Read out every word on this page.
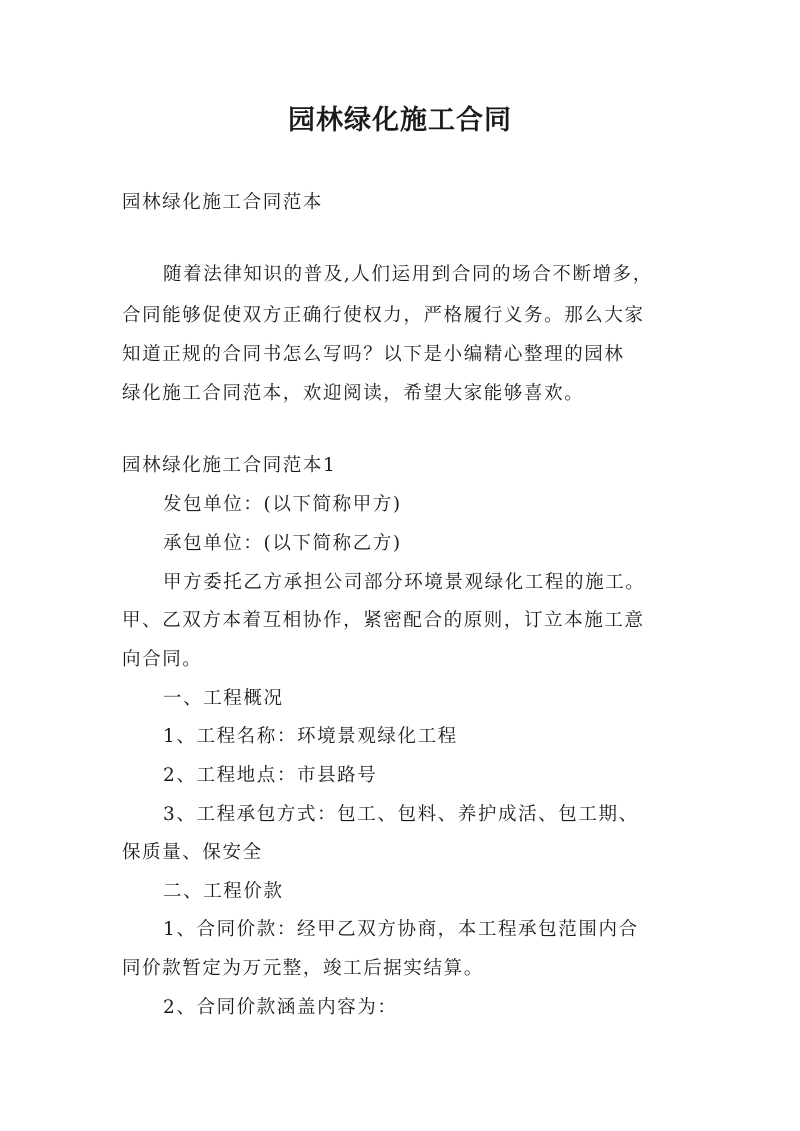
园林绿化施工合同
园林绿化施工合同范本
随着法律知识的普及,人们运用到合同的场合不断增多，
合同能够促使双方正确行使权力，严格履行义务。那么大家
知道正规的合同书怎么写吗？以下是小编精心整理的园林
绿化施工合同范本，欢迎阅读，希望大家能够喜欢。
园林绿化施工合同范本1
发包单位：(以下简称甲方)
承包单位：(以下简称乙方)
甲方委托乙方承担公司部分环境景观绿化工程的施工。
甲、乙双方本着互相协作，紧密配合的原则，订立本施工意
向合同。
一、工程概况
1、工程名称：环境景观绿化工程
2、工程地点：市县路号
3、工程承包方式：包工、包料、养护成活、包工期、
保质量、保安全
二、工程价款
1、合同价款：经甲乙双方协商，本工程承包范围内合
同价款暂定为万元整，竣工后据实结算。
2、合同价款涵盖内容为：
